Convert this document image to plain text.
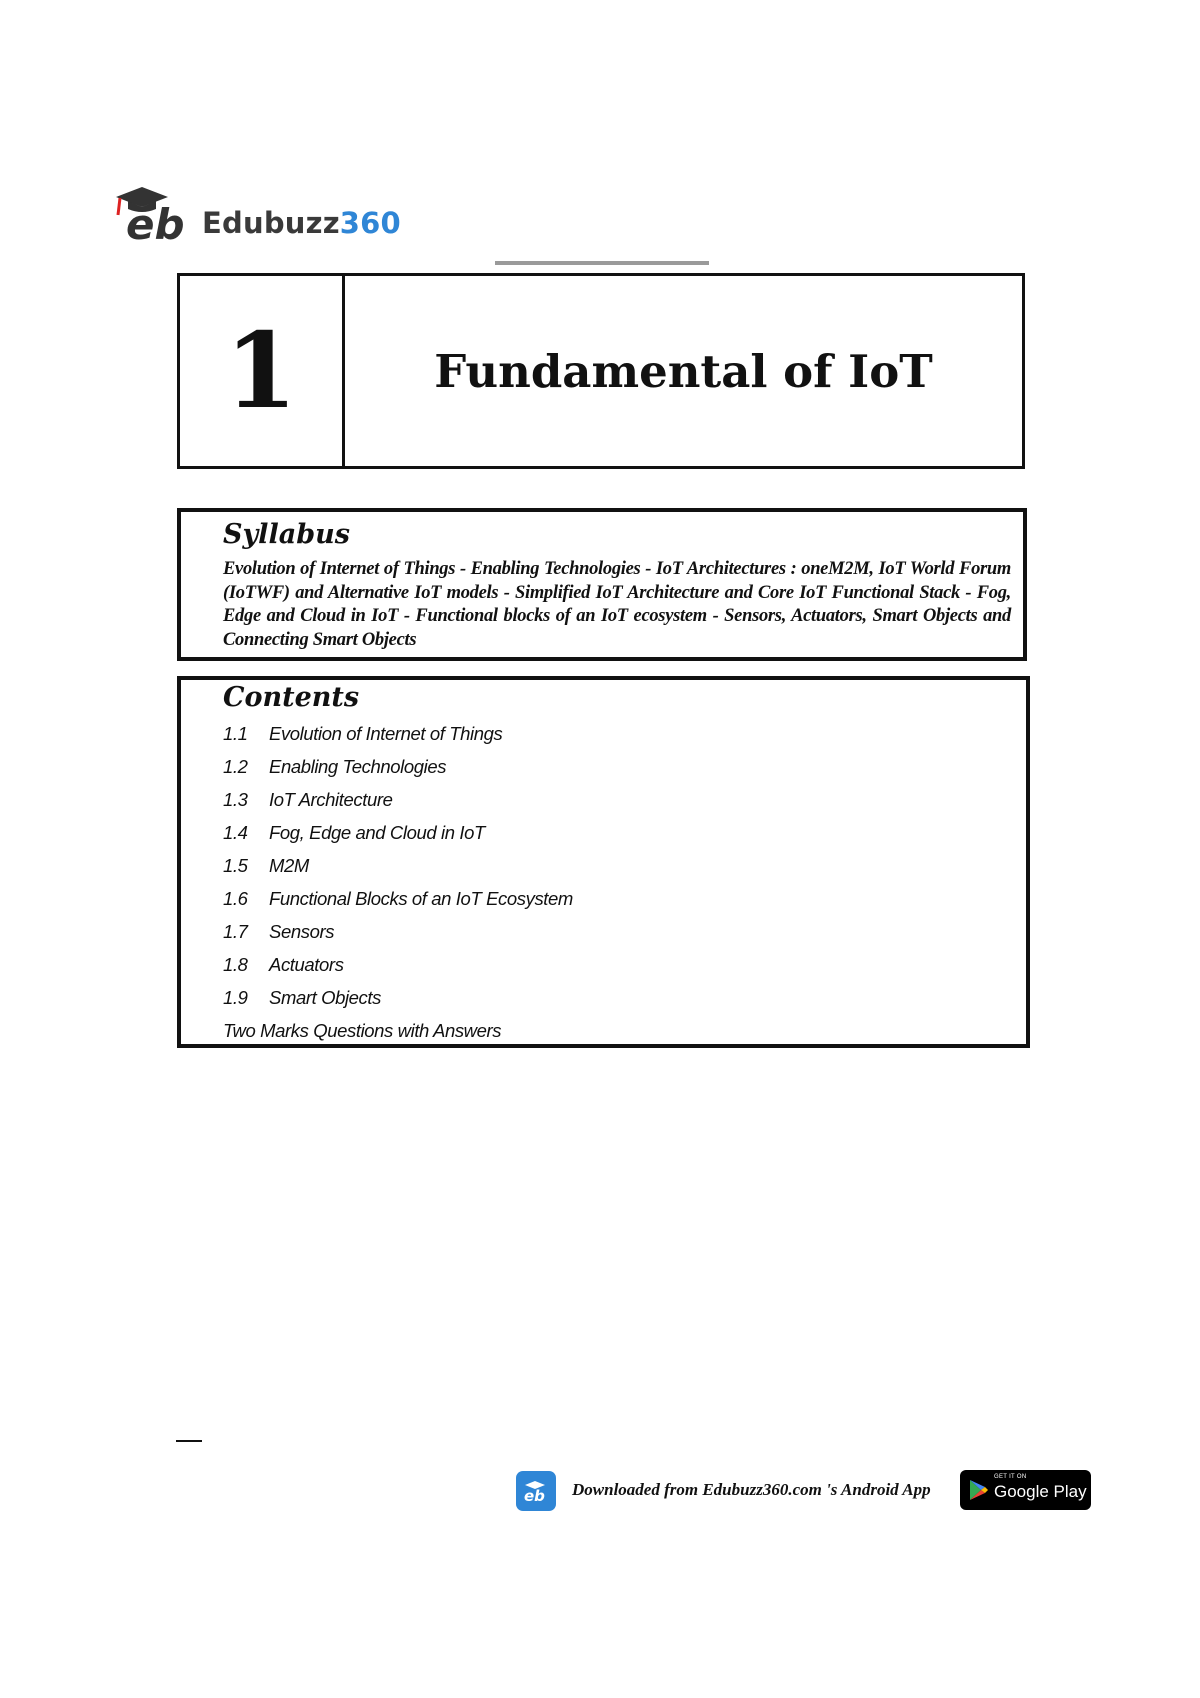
eb Edubuzz360
1	Fundamental of IoT
Syllabus
Evolution of Internet of Things - Enabling Technologies - IoT Architectures : oneM2M, IoT World Forum (IoTWF) and Alternative IoT models - Simplified IoT Architecture and Core IoT Functional Stack - Fog, Edge and Cloud in IoT - Functional blocks of an IoT ecosystem - Sensors, Actuators, Smart Objects and Connecting Smart Objects
Contents
1.1	Evolution of Internet of Things
1.2	Enabling Technologies
1.3	IoT Architecture
1.4	Fog, Edge and Cloud in IoT
1.5	M2M
1.6	Functional Blocks of an IoT Ecosystem
1.7	Sensors
1.8	Actuators
1.9	Smart Objects
Two Marks Questions with Answers
eb Downloaded from Edubuzz360.com 's Android App
GET IT ON
Google Play
